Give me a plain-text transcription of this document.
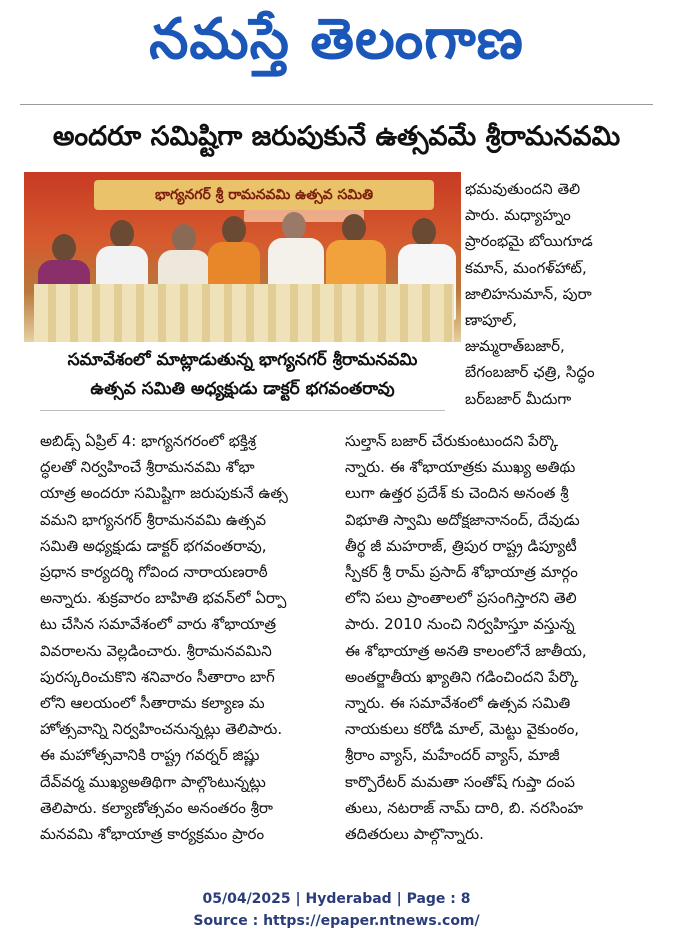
నమస్తే తెలంగాణ
అందరూ సమిష్టిగా జరుపుకునే ఉత్సవమే శ్రీరామనవమి
భాగ్యనగర్ శ్రీ రామనవమి ఉత్సవ సమితి
సమావేశంలో మాట్లాడుతున్న భాగ్యనగర్ శ్రీరామనవమి
ఉత్సవ సమితి అధ్యక్షుడు డాక్టర్ భగవంతరావు
భమవుతుందని తెలి
పారు. మధ్యాహ్నం
ప్రారంభమై బోయిగూడ
కమాన్, మంగళ్‌హాట్,
జాలిహనుమాన్, పురా
ణాపూల్,
జుమ్మరాత్‌బజార్,
బేగంబజార్ ఛత్రి, సిద్ధం
బర్‌బజార్ మీదుగా
అబిడ్స్ ఏప్రిల్ 4: భాగ్యనగరంలో భక్తిశ్ర
ద్ధలతో నిర్వహించే శ్రీరామనవమి శోభా
యాత్ర అందరూ సమిష్టిగా జరుపుకునే ఉత్స
వమని భాగ్యనగర్ శ్రీరామనవమి ఉత్సవ
సమితి అధ్యక్షుడు డాక్టర్ భగవంతరావు,
ప్రధాన కార్యదర్శి గోవింద నారాయణరాఠీ
అన్నారు. శుక్రవారం బాహితి భవన్‌లో ఏర్పా
టు చేసిన సమావేశంలో వారు శోభాయాత్ర
వివరాలను వెల్లడించారు. శ్రీరామనవమిని
పురస్కరించుకొని శనివారం సీతారాం బాగ్
లోని ఆలయంలో సీతారామ కల్యాణ మ
హోత్సవాన్ని నిర్వహించనున్నట్లు తెలిపారు.
ఈ మహోత్సవానికి రాష్ట్ర గవర్నర్ జిష్ణు
దేవ్‌వర్మ ముఖ్యఅతిథిగా పాల్గొంటున్నట్లు
తెలిపారు. కల్యాణోత్సవం అనంతరం శ్రీరా
మనవమి శోభాయాత్ర కార్యక్రమం ప్రారం
సుల్తాన్ బజార్ చేరుకుంటుందని పేర్కొ
న్నారు. ఈ శోభాయాత్రకు ముఖ్య అతిథు
లుగా ఉత్తర ప్రదేశ్ కు చెందిన అనంత శ్రీ
విభూతి స్వామి అదోక్షజానానంద్, దేవుడు
తీర్థ జీ మహరాజ్, త్రిపుర రాష్ట్ర డిప్యూటీ
స్పీకర్ శ్రీ రామ్ ప్రసాద్ శోభాయాత్ర మార్గం
లోని పలు ప్రాంతాలలో ప్రసంగిస్తారని తెలి
పారు. 2010 నుంచి నిర్వహిస్తూ వస్తున్న
ఈ శోభాయాత్ర అనతి కాలంలోనే జాతీయ,
అంతర్జాతీయ ఖ్యాతిని గడించిందని పేర్కొ
న్నారు. ఈ సమావేశంలో ఉత్సవ సమితి
నాయకులు కరోడి మాల్, మెట్టు వైకుంఠం,
శ్రీరాం వ్యాస్, మహేందర్ వ్యాస్, మాజీ
కార్పొరేటర్ మమతా సంతోష్ గుప్తా దంప
తులు, నటరాజ్ నామ్ దారి, బి. నరసింహ
తదితరులు పాల్గొన్నారు.
05/04/2025 | Hyderabad | Page : 8
Source : https://epaper.ntnews.com/
